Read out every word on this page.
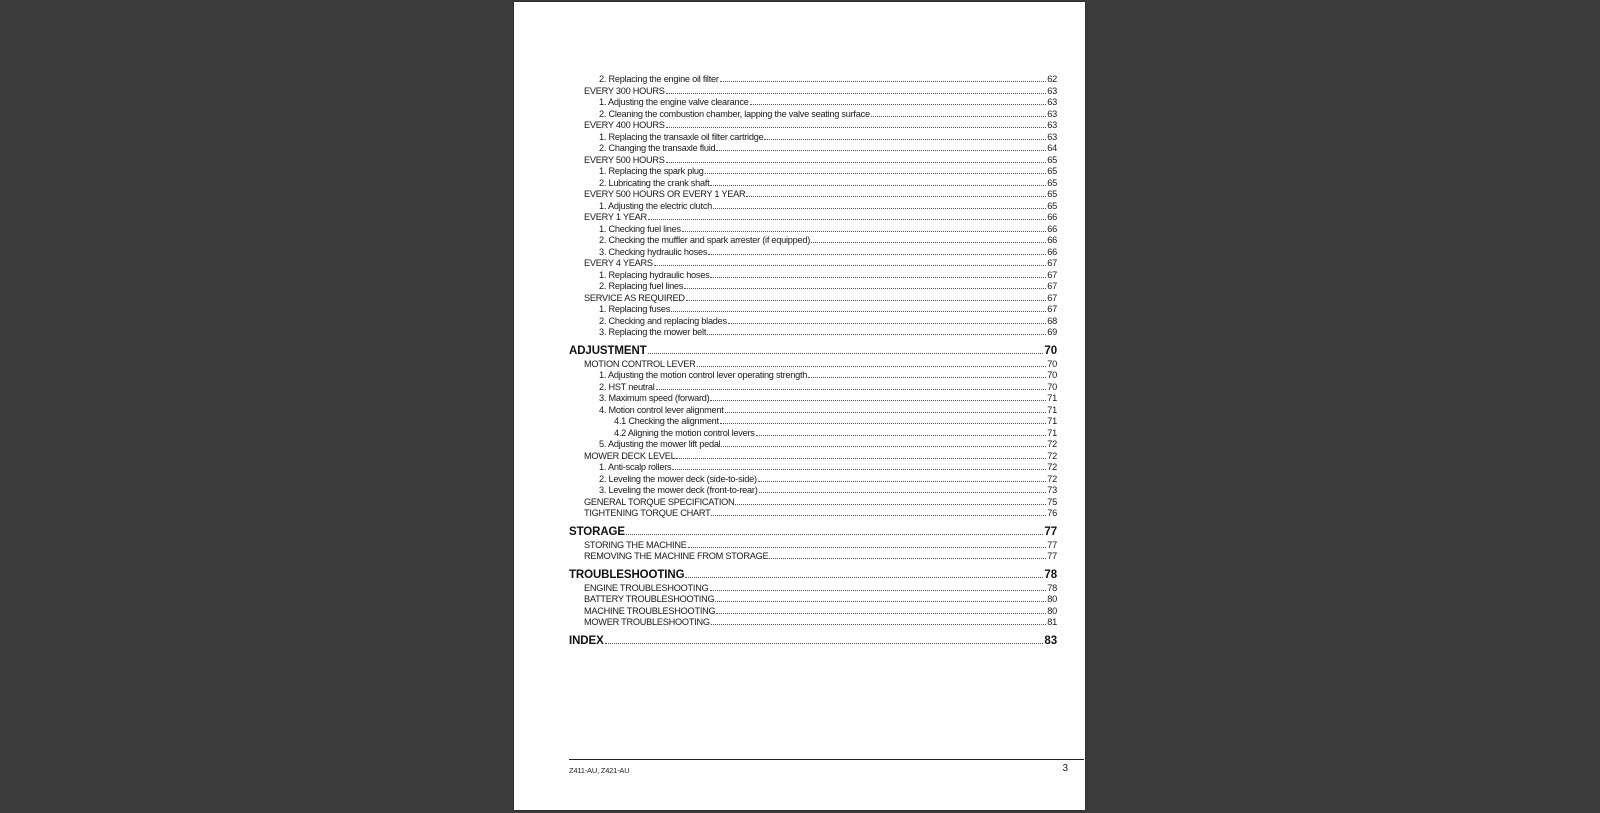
2. Replacing the engine oil filter	62
EVERY 300 HOURS	63
1. Adjusting the engine valve clearance	63
2. Cleaning the combustion chamber, lapping the valve seating surface	63
EVERY 400 HOURS	63
1. Replacing the transaxle oil filter cartridge	63
2. Changing the transaxle fluid	64
EVERY 500 HOURS	65
1. Replacing the spark plug	65
2. Lubricating the crank shaft	65
EVERY 500 HOURS OR EVERY 1 YEAR	65
1. Adjusting the electric clutch	65
EVERY 1 YEAR	66
1. Checking fuel lines	66
2. Checking the muffler and spark arrester (if equipped)	66
3. Checking hydraulic hoses	66
EVERY 4 YEARS	67
1. Replacing hydraulic hoses	67
2. Replacing fuel lines	67
SERVICE AS REQUIRED	67
1. Replacing fuses	67
2. Checking and replacing blades	68
3. Replacing the mower belt	69
ADJUSTMENT	70
MOTION CONTROL LEVER	70
1. Adjusting the motion control lever operating strength	70
2. HST neutral	70
3. Maximum speed (forward)	71
4. Motion control lever alignment	71
4.1 Checking the alignment	71
4.2 Aligning the motion control levers	71
5. Adjusting the mower lift pedal	72
MOWER DECK LEVEL	72
1. Anti-scalp rollers	72
2. Leveling the mower deck (side-to-side)	72
3. Leveling the mower deck (front-to-rear)	73
GENERAL TORQUE SPECIFICATION	75
TIGHTENING TORQUE CHART	76
STORAGE	77
STORING THE MACHINE	77
REMOVING THE MACHINE FROM STORAGE	77
TROUBLESHOOTING	78
ENGINE TROUBLESHOOTING	78
BATTERY TROUBLESHOOTING	80
MACHINE TROUBLESHOOTING	80
MOWER TROUBLESHOOTING	81
INDEX	83
Z411-AU, Z421-AU	3
